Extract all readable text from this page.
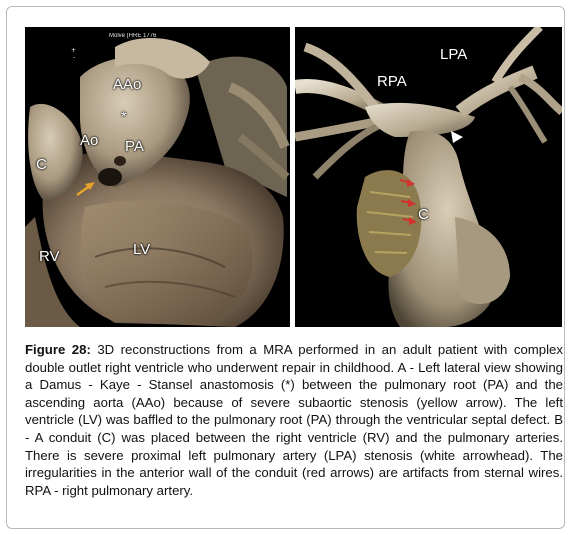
+
-
Molve (HRE 1776
AAo
*
Ao PA
C
RV	LV
LPA
RPA
C
Figure 28: 3D reconstructions from a MRA performed in an adult patient with complex double outlet right ventricle who underwent repair in childhood. A - Left lateral view showing a Damus - Kaye - Stansel anastomosis (*) between the pulmonary root (PA) and the ascending aorta (AAo) because of severe subaortic stenosis (yellow arrow). The left ventricle (LV) was baffled to the pulmonary root (PA) through the ventricular septal defect. B - A conduit (C) was placed between the right ventricle (RV) and the pulmonary arteries. There is severe proximal left pulmonary artery (LPA) stenosis (white arrowhead). The irregularities in the anterior wall of the conduit (red arrows) are artifacts from sternal wires. RPA - right pulmonary artery.
